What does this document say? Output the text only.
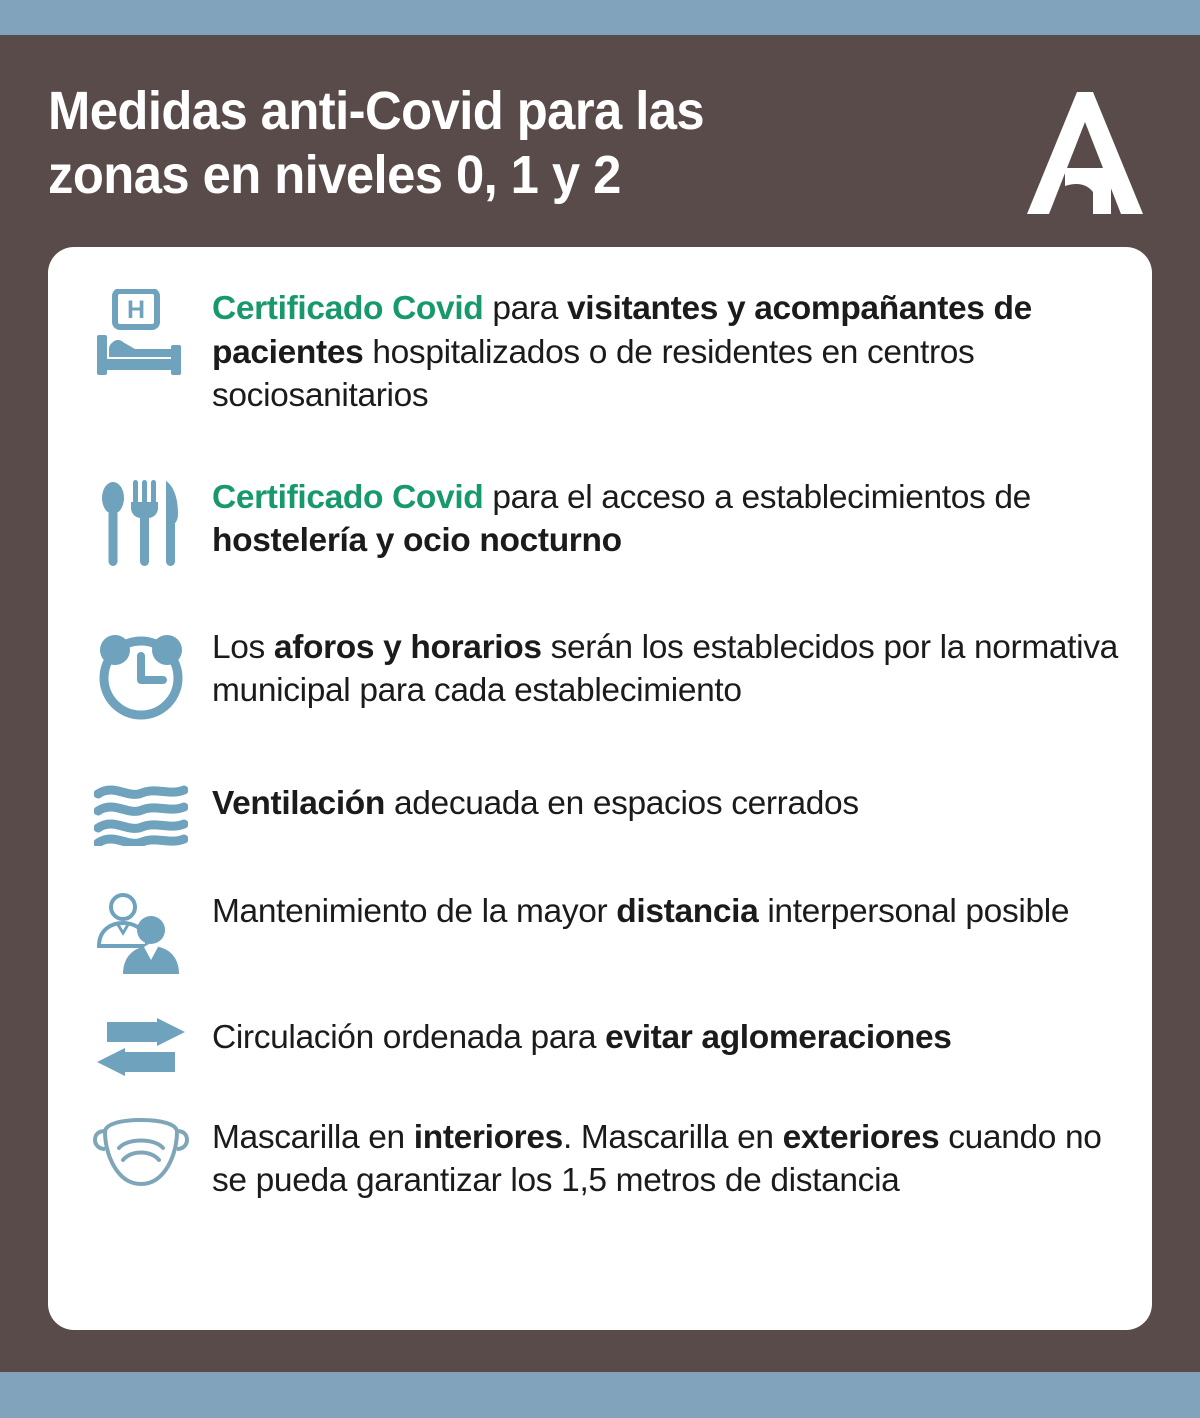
Medidas anti-Covid para las
zonas en niveles 0, 1 y 2
H Certificado Covid para visitantes y acompañantes de pacientes hospitalizados o de residentes en centros sociosanitarios
Certificado Covid para el acceso a establecimientos de hostelería y ocio nocturno
Los aforos y horarios serán los establecidos por la normativa municipal para cada establecimiento
Ventilación adecuada en espacios cerrados
Mantenimiento de la mayor distancia interpersonal posible
Circulación ordenada para evitar aglomeraciones
Mascarilla en interiores. Mascarilla en exteriores cuando no se pueda garantizar los 1,5 metros de distancia
